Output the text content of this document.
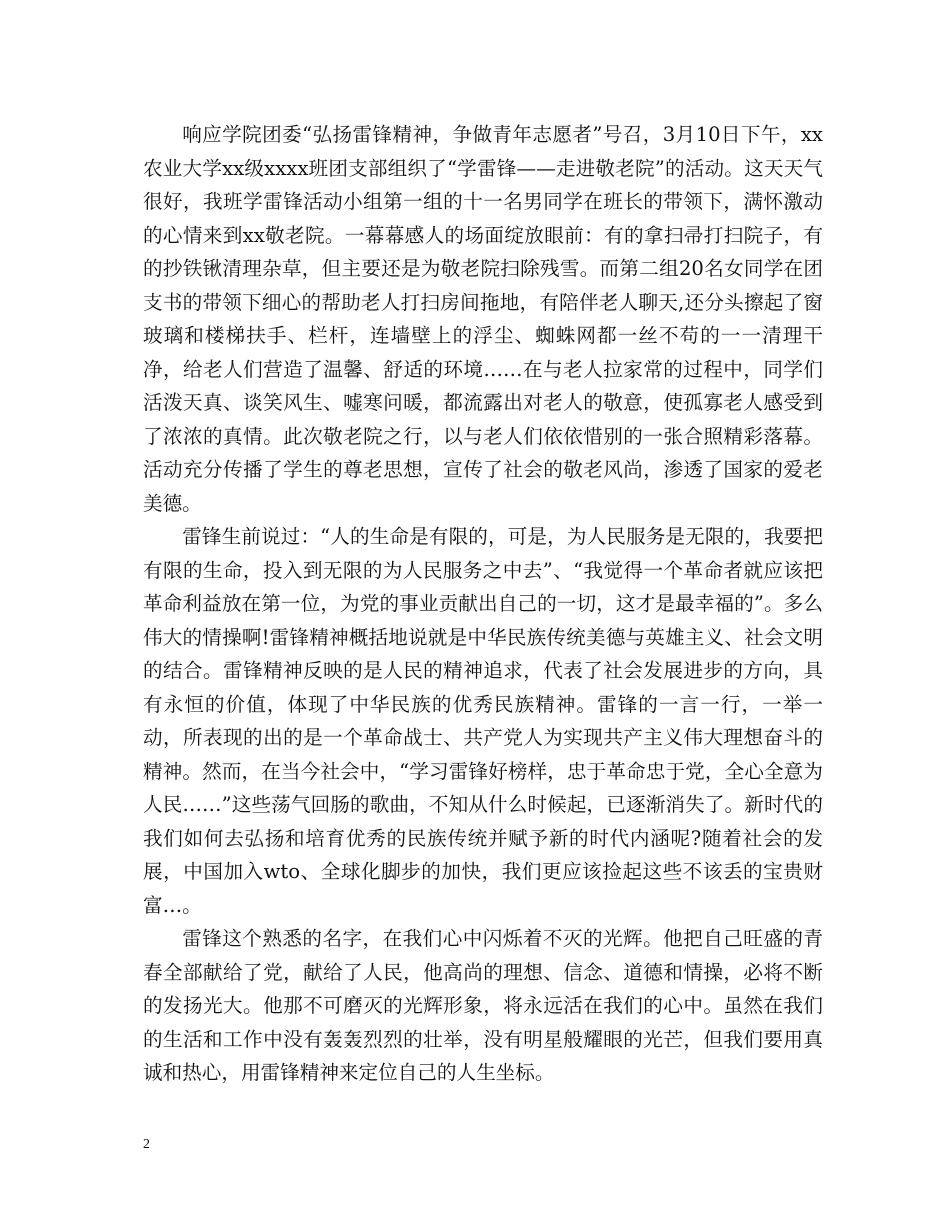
响应学院团委“弘扬雷锋精神，争做青年志愿者”号召，3月10日下午，xx农业大学xx级xxxx班团支部组织了“学雷锋——走进敬老院”的活动。这天天气很好，我班学雷锋活动小组第一组的十一名男同学在班长的带领下，满怀激动的心情来到xx敬老院。一幕幕感人的场面绽放眼前：有的拿扫帚打扫院子，有的抄铁锹清理杂草，但主要还是为敬老院扫除残雪。而第二组20名女同学在团支书的带领下细心的帮助老人打扫房间拖地，有陪伴老人聊天,还分头擦起了窗玻璃和楼梯扶手、栏杆，连墙壁上的浮尘、蜘蛛网都一丝不苟的一一清理干净，给老人们营造了温馨、舒适的环境……在与老人拉家常的过程中，同学们活泼天真、谈笑风生、嘘寒问暖，都流露出对老人的敬意，使孤寡老人感受到了浓浓的真情。此次敬老院之行，以与老人们依依惜别的一张合照精彩落幕。活动充分传播了学生的尊老思想，宣传了社会的敬老风尚，渗透了国家的爱老美德。

雷锋生前说过：“人的生命是有限的，可是，为人民服务是无限的，我要把有限的生命，投入到无限的为人民服务之中去”、“我觉得一个革命者就应该把革命利益放在第一位，为党的事业贡献出自己的一切，这才是最幸福的”。多么伟大的情操啊!雷锋精神概括地说就是中华民族传统美德与英雄主义、社会文明的结合。雷锋精神反映的是人民的精神追求，代表了社会发展进步的方向，具有永恒的价值，体现了中华民族的优秀民族精神。雷锋的一言一行，一举一动，所表现的出的是一个革命战士、共产党人为实现共产主义伟大理想奋斗的精神。然而，在当今社会中，“学习雷锋好榜样，忠于革命忠于党，全心全意为人民……”这些荡气回肠的歌曲，不知从什么时候起，已逐渐消失了。新时代的我们如何去弘扬和培育优秀的民族传统并赋予新的时代内涵呢?随着社会的发展，中国加入wto、全球化脚步的加快，我们更应该捡起这些不该丢的宝贵财富…。

雷锋这个熟悉的名字，在我们心中闪烁着不灭的光辉。他把自己旺盛的青春全部献给了党，献给了人民，他高尚的理想、信念、道德和情操，必将不断的发扬光大。他那不可磨灭的光辉形象，将永远活在我们的心中。虽然在我们的生活和工作中没有轰轰烈烈的壮举，没有明星般耀眼的光芒，但我们要用真诚和热心，用雷锋精神来定位自己的人生坐标。

2
